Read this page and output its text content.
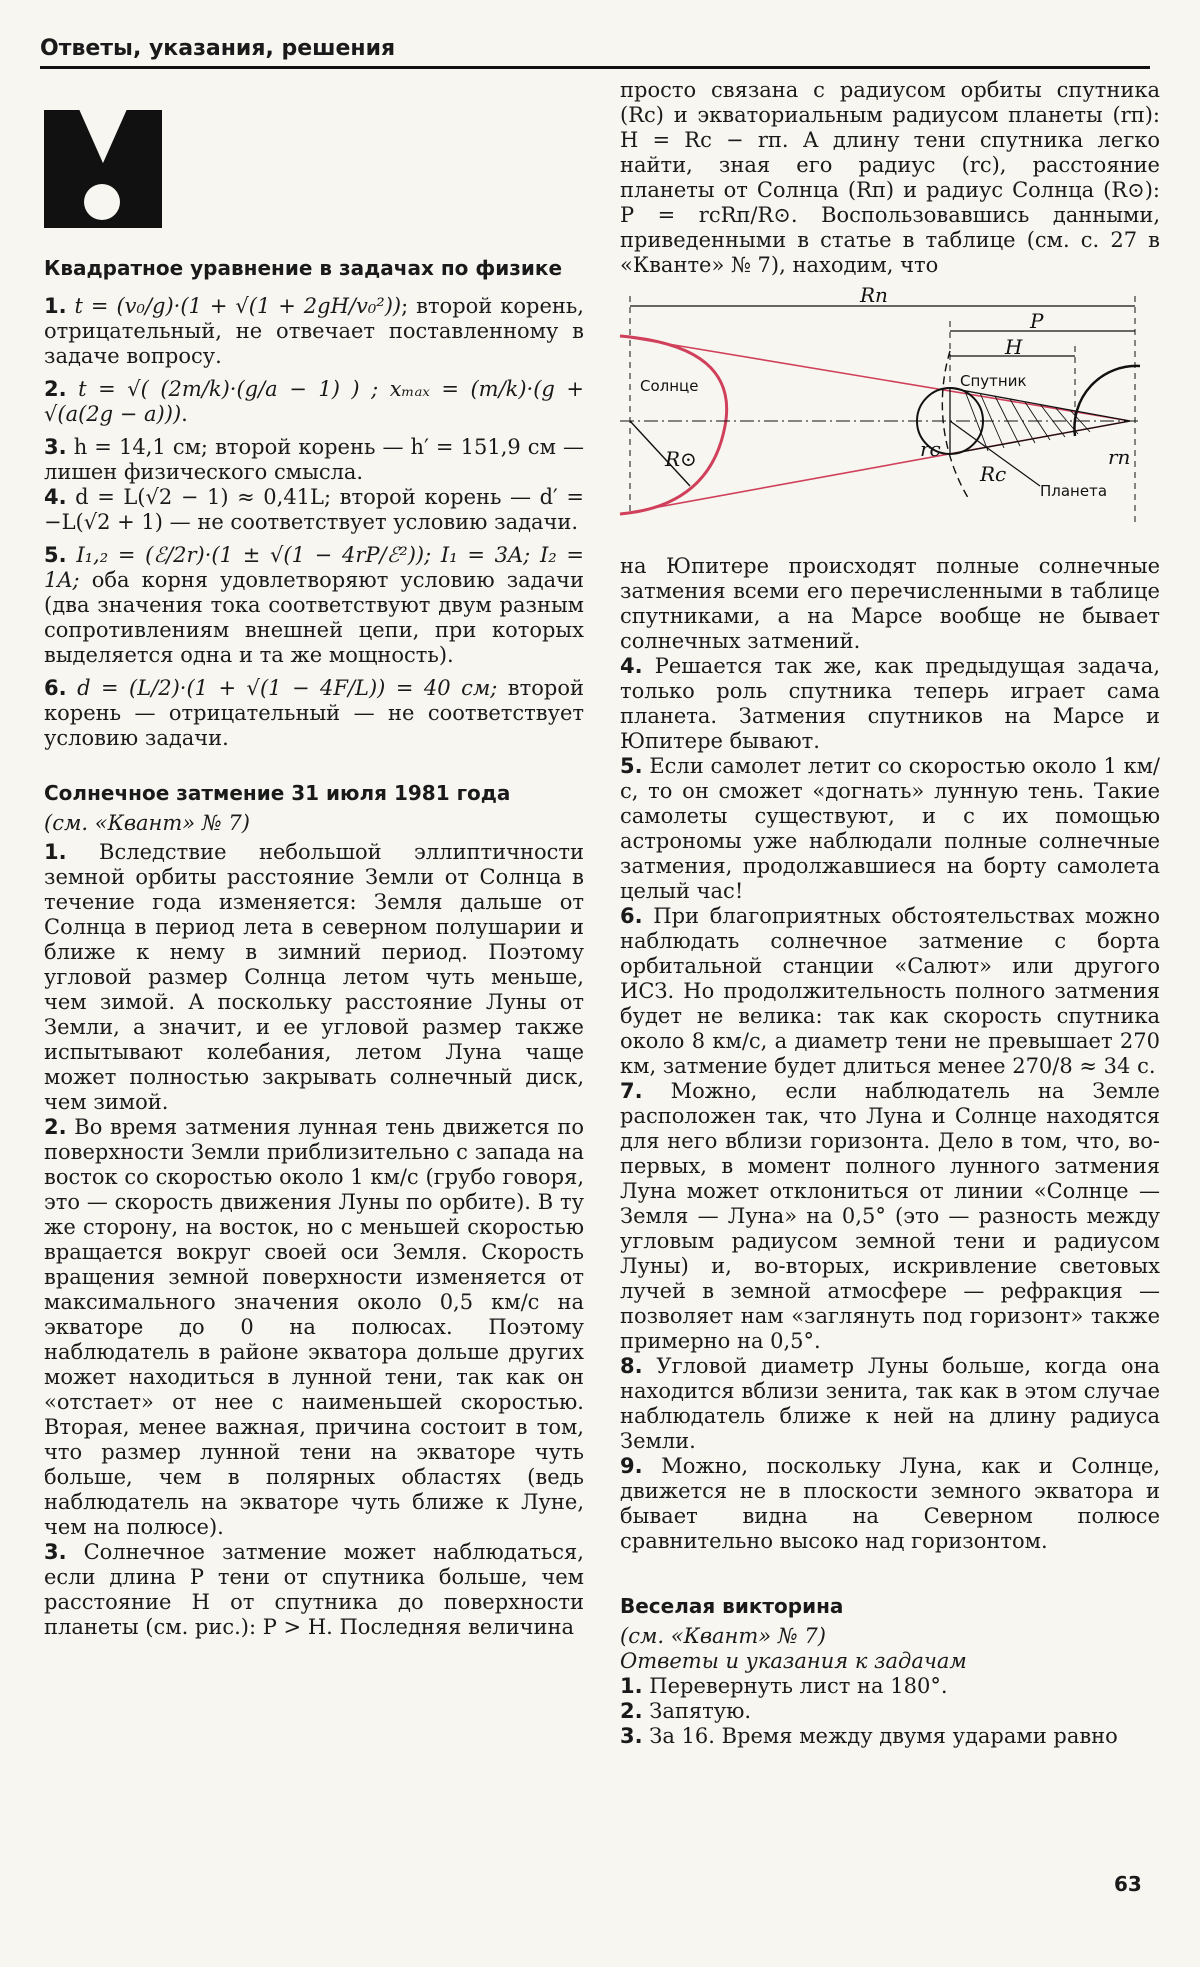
Ответы, указания, решения
Квадратное уравнение в задачах по физике

1. t = (v₀/g)·(1 + √(1 + 2gH/v₀²)); второй корень, отрицательный, не отвечает поставленному в задаче вопросу.

2. t = √( (2m/k)·(g/a − 1) ) ; xₘₐₓ = (m/k)·(g + √(a(2g − a))).

3. h = 14,1 см; второй корень — h′ = 151,9 см — лишен физического смысла.

4. d = L(√2 − 1) ≈ 0,41L; второй корень — d′ = −L(√2 + 1) — не соответствует условию задачи.

5. I₁,₂ = (ℰ/2r)·(1 ± √(1 − 4rP/ℰ²)); I₁ = 3A; I₂ = 1A; оба корня удовлетворяют условию задачи (два значения тока соответствуют двум разным сопротивлениям внешней цепи, при которых выделяется одна и та же мощность).

6. d = (L/2)·(1 + √(1 − 4F/L)) = 40 см; второй корень — отрицательный — не соответствует условию задачи.

Солнечное затмение 31 июля 1981 года

(см. «Квант» № 7)

1. Вследствие небольшой эллиптичности земной орбиты расстояние Земли от Солнца в течение года изменяется: Земля дальше от Солнца в период лета в северном полушарии и ближе к нему в зимний период. Поэтому угловой размер Солнца летом чуть меньше, чем зимой. А поскольку расстояние Луны от Земли, а значит, и ее угловой размер также испытывают колебания, летом Луна чаще может полностью закрывать солнечный диск, чем зимой.

2. Во время затмения лунная тень движется по поверхности Земли приблизительно с запада на восток со скоростью около 1 км/с (грубо говоря, это — скорость движения Луны по орбите). В ту же сторону, на восток, но с меньшей скоростью вращается вокруг своей оси Земля. Скорость вращения земной поверхности изменяется от максимального значения около 0,5 км/с на экваторе до 0 на полюсах. Поэтому наблюдатель в районе экватора дольше других может находиться в лунной тени, так как он «отстает» от нее с наименьшей скоростью. Вторая, менее важная, причина состоит в том, что размер лунной тени на экваторе чуть больше, чем в полярных областях (ведь наблюдатель на экваторе чуть ближе к Луне, чем на полюсе).

3. Солнечное затмение может наблюдаться, если длина P тени от спутника больше, чем расстояние H от спутника до поверхности планеты (см. рис.): P > H. Последняя величина

просто связана с радиусом орбиты спутника (Rс) и экваториальным радиусом планеты (rп): H = Rс − rп. А длину тени спутника легко найти, зная его радиус (rс), расстояние планеты от Солнца (Rп) и радиус Солнца (R⊙): P = rсRп/R⊙. Воспользовавшись данными, приведенными в статье в таблице (см. с. 27 в «Кванте» № 7), находим, что

Rп
P
H
Солнце	Спутник
Планета
R⊙	rc
Rc
rп

на Юпитере происходят полные солнечные затмения всеми его перечисленными в таблице спутниками, а на Марсе вообще не бывает солнечных затмений.

4. Решается так же, как предыдущая задача, только роль спутника теперь играет сама планета. Затмения спутников на Марсе и Юпитере бывают.

5. Если самолет летит со скоростью около 1 км/с, то он сможет «догнать» лунную тень. Такие самолеты существуют, и с их помощью астрономы уже наблюдали полные солнечные затмения, продолжавшиеся на борту самолета целый час!

6. При благоприятных обстоятельствах можно наблюдать солнечное затмение с борта орбитальной станции «Салют» или другого ИСЗ. Но продолжительность полного затмения будет не велика: так как скорость спутника около 8 км/с, а диаметр тени не превышает 270 км, затмение будет длиться менее 270/8 ≈ 34 с.

7. Можно, если наблюдатель на Земле расположен так, что Луна и Солнце находятся для него вблизи горизонта. Дело в том, что, во-первых, в момент полного лунного затмения Луна может отклониться от линии «Солнце — Земля — Луна» на 0,5° (это — разность между угловым радиусом земной тени и радиусом Луны) и, во-вторых, искривление световых лучей в земной атмосфере — рефракция — позволяет нам «заглянуть под горизонт» также примерно на 0,5°.

8. Угловой диаметр Луны больше, когда она находится вблизи зенита, так как в этом случае наблюдатель ближе к ней на длину радиуса Земли.

9. Можно, поскольку Луна, как и Солнце, движется не в плоскости земного экватора и бывает видна на Северном полюсе сравнительно высоко над горизонтом.

Веселая викторина

(см. «Квант» № 7)

Ответы и указания к задачам

1. Перевернуть лист на 180°.

2. Запятую.

3. За 16. Время между двумя ударами равно

63
